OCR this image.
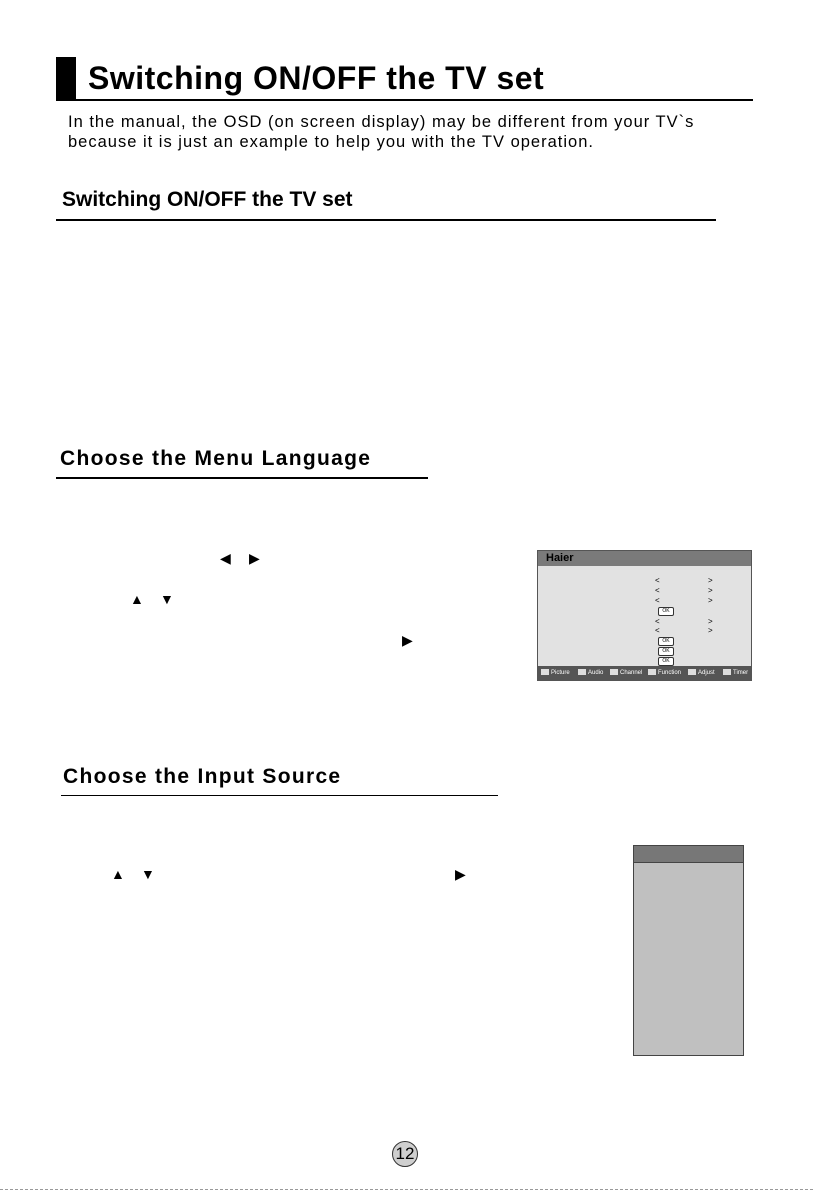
Switching ON/OFF the TV set
In the manual, the OSD (on screen display) may be different from your TV`s
because it is just an example to help you with the TV operation.
Switching ON/OFF the TV set
Choose the Menu Language
◀ ▶
▲ ▼
▶
Haier
<	>
<	>
<	>
OK
<	>
<	>
OK
OK
OK
Picture	Audio	Channel	Function	Adjust	Timer
Choose the Input Source
▲ ▼	▶
12
